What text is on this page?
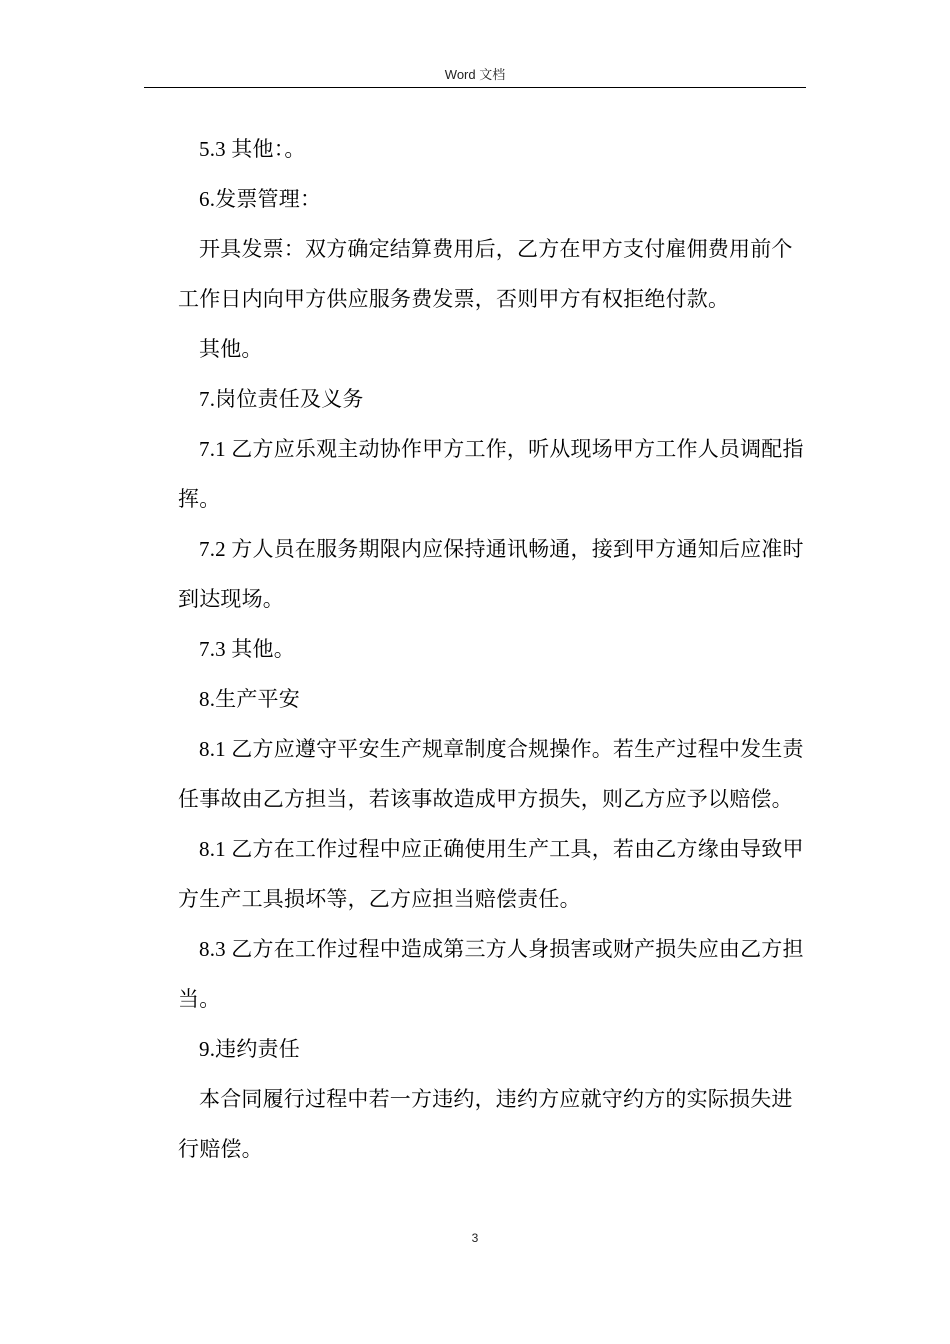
Word 文档

5.3 其他：。

6.发票管理：

开具发票：双方确定结算费用后，乙方在甲方支付雇佣费用前个工作日内向甲方供应服务费发票，否则甲方有权拒绝付款。

其他。

7.岗位责任及义务

7.1 乙方应乐观主动协作甲方工作，听从现场甲方工作人员调配指挥。

7.2 方人员在服务期限内应保持通讯畅通，接到甲方通知后应准时到达现场。

7.3 其他。

8.生产平安

8.1 乙方应遵守平安生产规章制度合规操作。若生产过程中发生责任事故由乙方担当，若该事故造成甲方损失，则乙方应予以赔偿。

8.1 乙方在工作过程中应正确使用生产工具，若由乙方缘由导致甲方生产工具损坏等，乙方应担当赔偿责任。

8.3 乙方在工作过程中造成第三方人身损害或财产损失应由乙方担当。

9.违约责任

本合同履行过程中若一方违约，违约方应就守约方的实际损失进行赔偿。

3
